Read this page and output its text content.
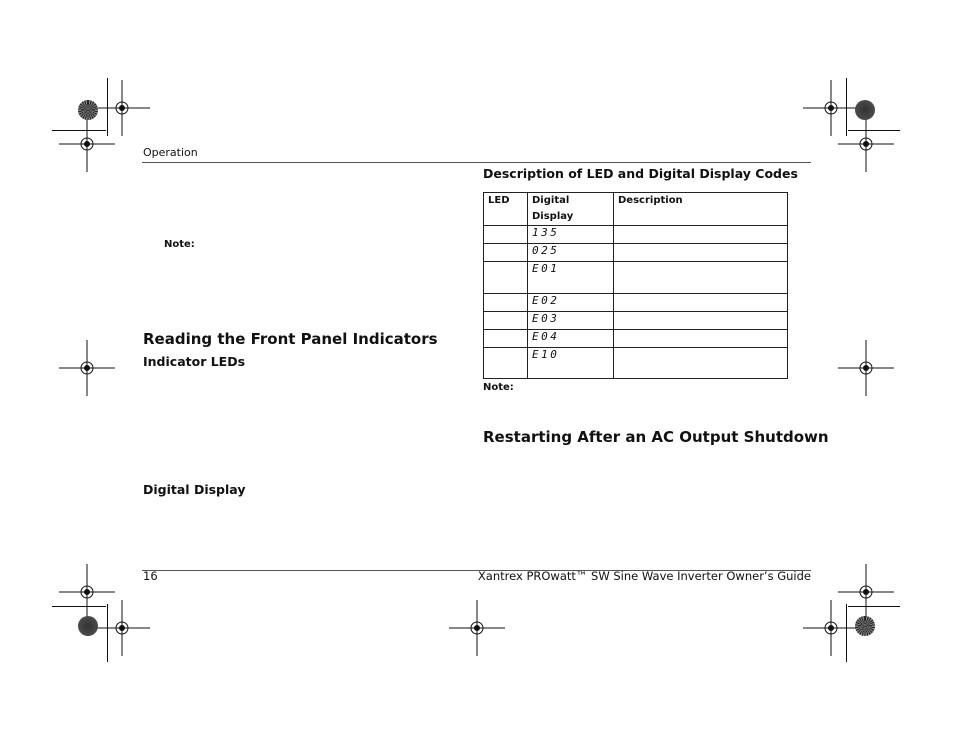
Operation
Note:
Reading the Front Panel Indicators
Indicator LEDs
Digital Display
Description of LED and Digital Display Codes
LED	Digital Display	Description
	135	
	025	
	E01	
	E02	
	E03	
	E04	
	E10	
Note:
Restarting After an AC Output Shutdown
16	Xantrex PROwatt™ SW Sine Wave Inverter Owner’s Guide
